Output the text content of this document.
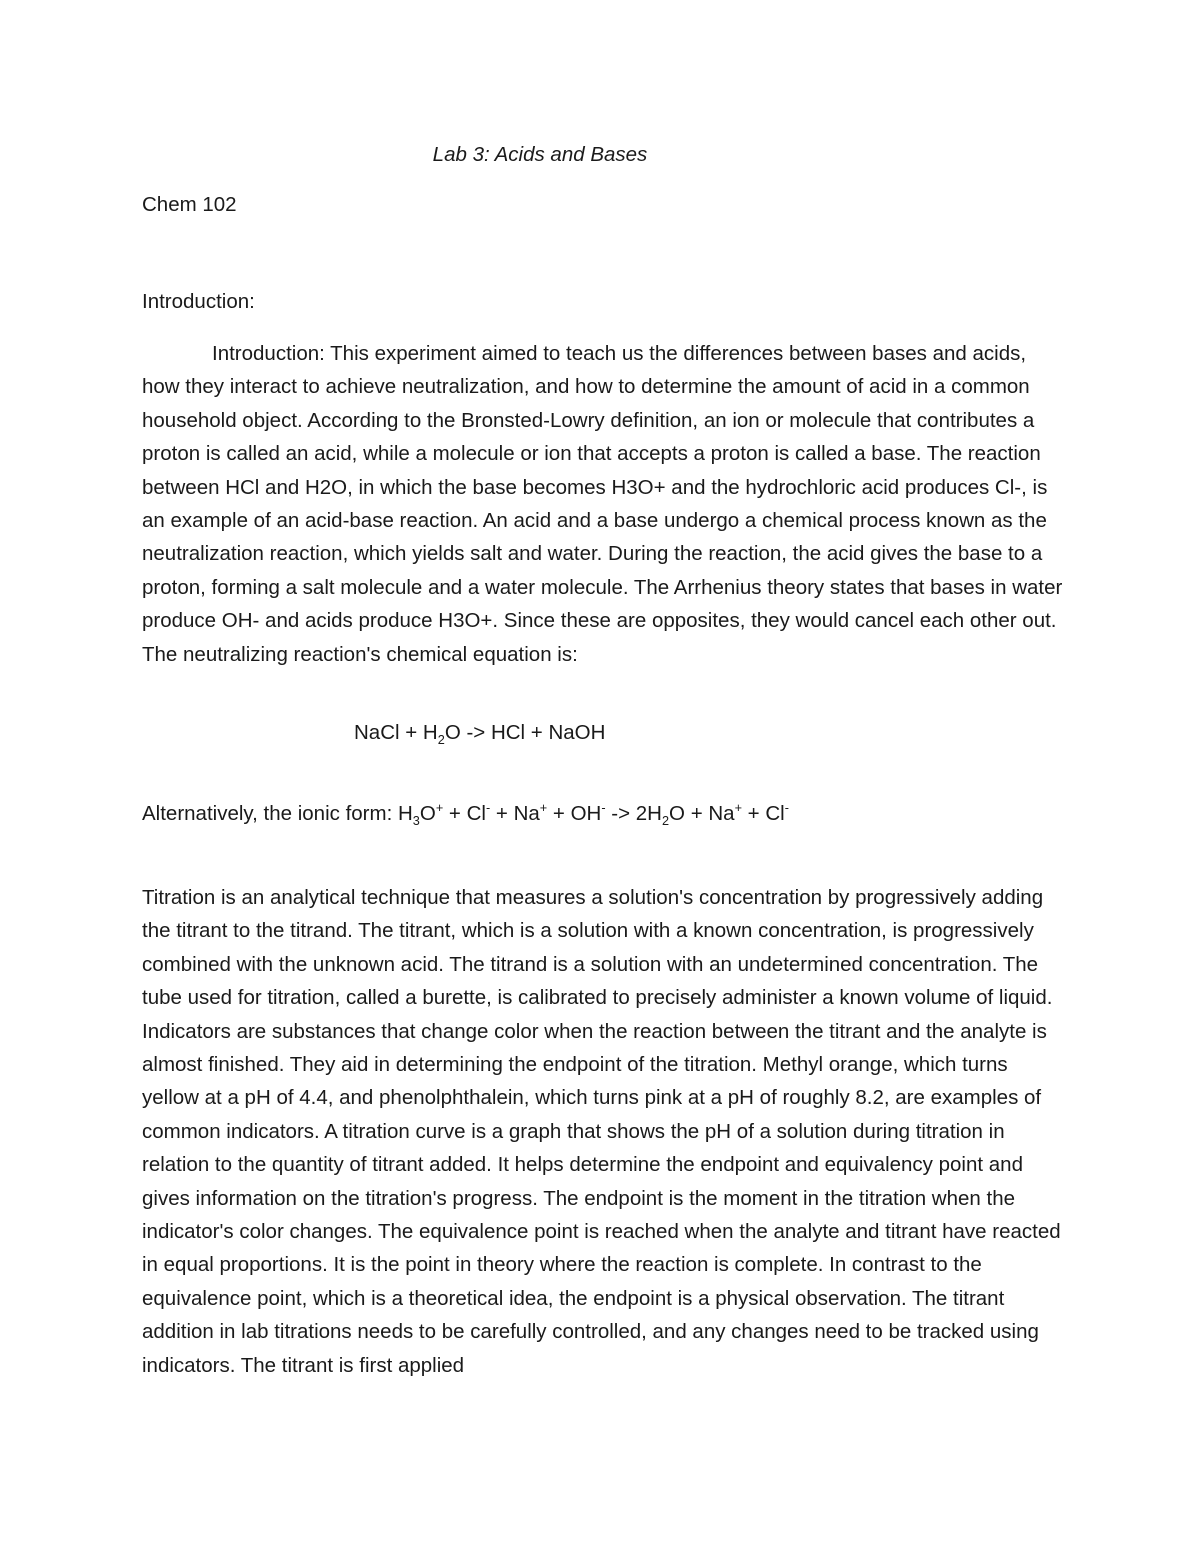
Lab 3: Acids and Bases

Chem 102

Introduction:

Introduction: This experiment aimed to teach us the differences between bases and acids, how they interact to achieve neutralization, and how to determine the amount of acid in a common household object. According to the Bronsted-Lowry definition, an ion or molecule that contributes a proton is called an acid, while a molecule or ion that accepts a proton is called a base. The reaction between HCl and H2O, in which the base becomes H3O+ and the hydrochloric acid produces Cl-, is an example of an acid-base reaction. An acid and a base undergo a chemical process known as the neutralization reaction, which yields salt and water. During the reaction, the acid gives the base to a proton, forming a salt molecule and a water molecule. The Arrhenius theory states that bases in water produce OH- and acids produce H3O+. Since these are opposites, they would cancel each other out. The neutralizing reaction's chemical equation is:

NaCl + $H_2O$ -> HCl + NaOH

Alternatively, the ionic form: $H_3O^+ + Cl^- + Na^+ + OH^- -> 2H_2O + Na^+ + Cl^-$

Titration is an analytical technique that measures a solution's concentration by progressively adding the titrant to the titrand. The titrant, which is a solution with a known concentration, is progressively combined with the unknown acid. The titrand is a solution with an undetermined concentration. The tube used for titration, called a burette, is calibrated to precisely administer a known volume of liquid. Indicators are substances that change color when the reaction between the titrant and the analyte is almost finished. They aid in determining the endpoint of the titration. Methyl orange, which turns yellow at a pH of 4.4, and phenolphthalein, which turns pink at a pH of roughly 8.2, are examples of common indicators. A titration curve is a graph that shows the pH of a solution during titration in relation to the quantity of titrant added. It helps determine the endpoint and equivalency point and gives information on the titration's progress. The endpoint is the moment in the titration when the indicator's color changes. The equivalence point is reached when the analyte and titrant have reacted in equal proportions. It is the point in theory where the reaction is complete. In contrast to the equivalence point, which is a theoretical idea, the endpoint is a physical observation. The titrant addition in lab titrations needs to be carefully controlled, and any changes need to be tracked using indicators. The titrant is first applied
